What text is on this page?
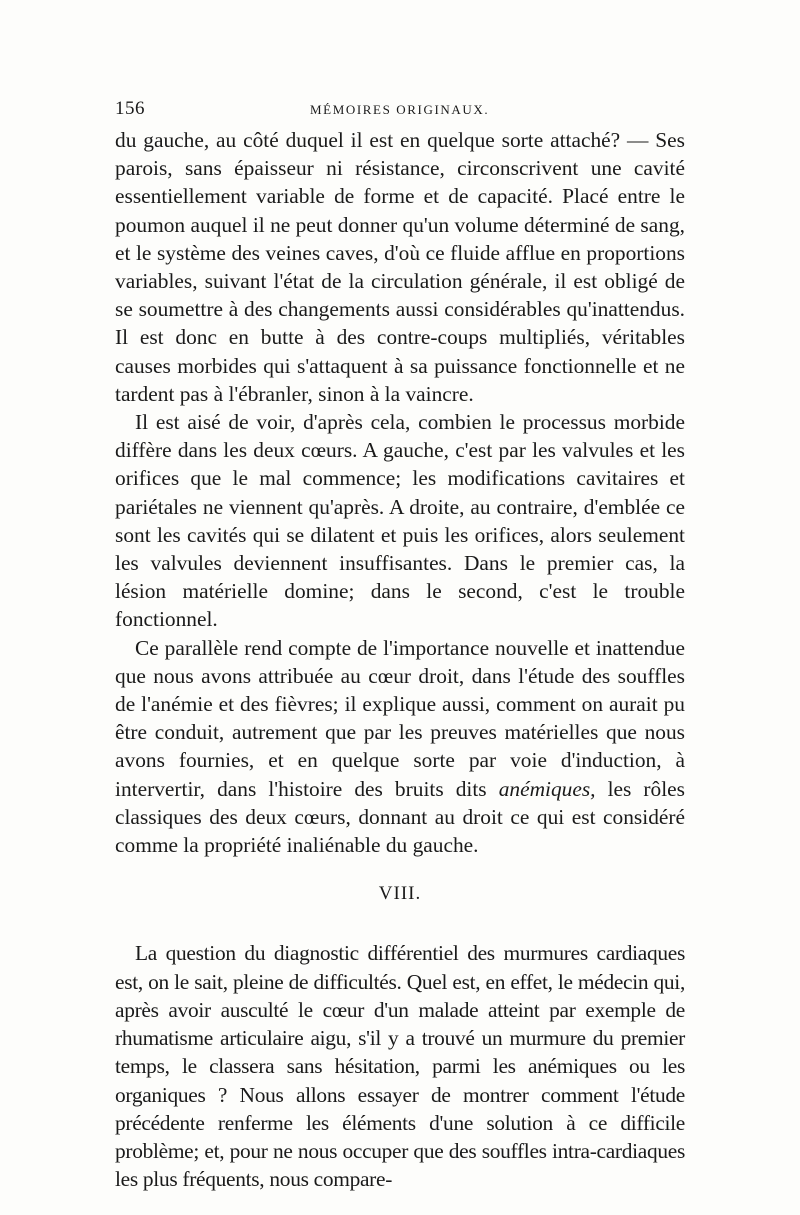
156	MÉMOIRES ORIGINAUX.

du gauche, au côté duquel il est en quelque sorte attaché? — Ses parois, sans épaisseur ni résistance, circonscrivent une cavité essentiellement variable de forme et de capacité. Placé entre le poumon auquel il ne peut donner qu'un volume déterminé de sang, et le système des veines caves, d'où ce fluide afflue en proportions variables, suivant l'état de la circulation générale, il est obligé de se soumettre à des changements aussi considérables qu'inattendus. Il est donc en butte à des contre-coups multipliés, véritables causes morbides qui s'attaquent à sa puissance fonctionnelle et ne tardent pas à l'ébranler, sinon à la vaincre.

Il est aisé de voir, d'après cela, combien le processus morbide diffère dans les deux cœurs. A gauche, c'est par les valvules et les orifices que le mal commence; les modifications cavitaires et pariétales ne viennent qu'après. A droite, au contraire, d'emblée ce sont les cavités qui se dilatent et puis les orifices, alors seulement les valvules deviennent insuffisantes. Dans le premier cas, la lésion matérielle domine; dans le second, c'est le trouble fonctionnel.

Ce parallèle rend compte de l'importance nouvelle et inattendue que nous avons attribuée au cœur droit, dans l'étude des souffles de l'anémie et des fièvres; il explique aussi, comment on aurait pu être conduit, autrement que par les preuves matérielles que nous avons fournies, et en quelque sorte par voie d'induction, à intervertir, dans l'histoire des bruits dits anémiques, les rôles classiques des deux cœurs, donnant au droit ce qui est considéré comme la propriété inaliénable du gauche.

VIII.

La question du diagnostic différentiel des murmures cardiaques est, on le sait, pleine de difficultés. Quel est, en effet, le médecin qui, après avoir ausculté le cœur d'un malade atteint par exemple de rhumatisme articulaire aigu, s'il y a trouvé un murmure du premier temps, le classera sans hésitation, parmi les anémiques ou les organiques ? Nous allons essayer de montrer comment l'étude précédente renferme les éléments d'une solution à ce difficile problème; et, pour ne nous occuper que des souffles intra-cardiaques les plus fréquents, nous compare-
